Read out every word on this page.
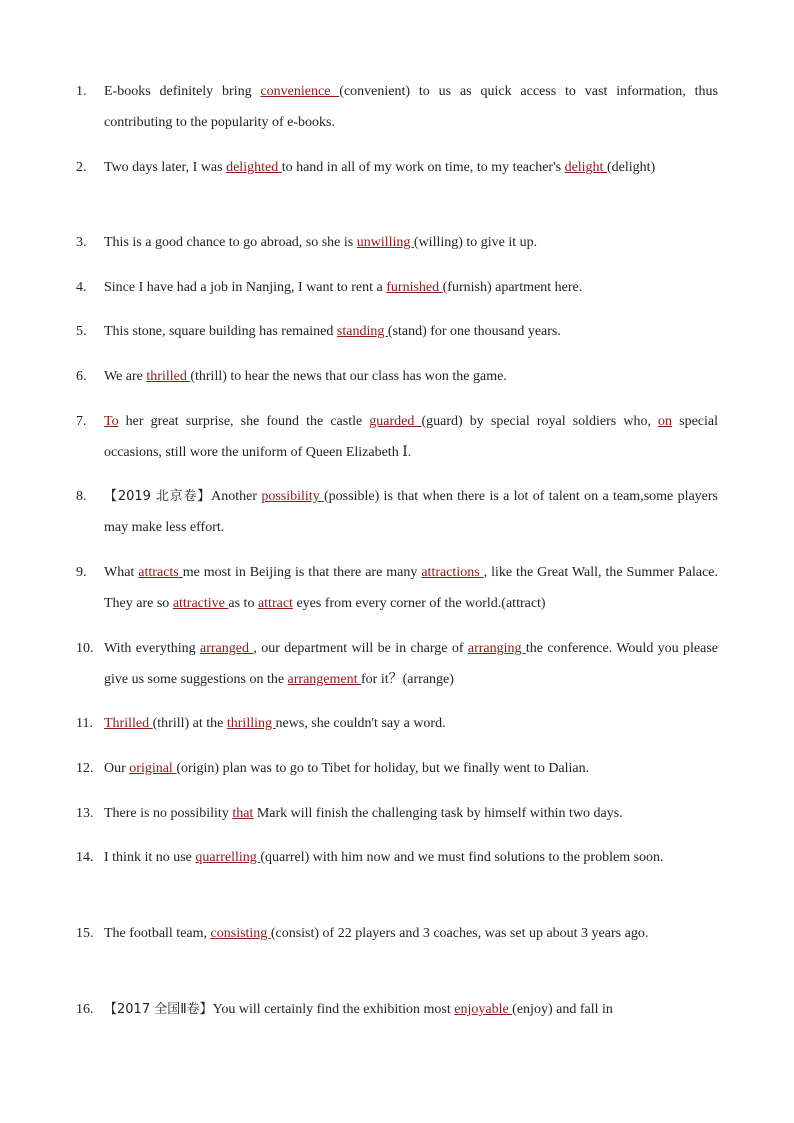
1. E-books definitely bring convenience (convenient) to us as quick access to vast information, thus contributing to the popularity of e-books.
2. Two days later, I was delighted to hand in all of my work on time, to my teacher's delight (delight)
3. This is a good chance to go abroad, so she is unwilling (willing) to give it up.
4. Since I have had a job in Nanjing, I want to rent a furnished (furnish) apartment here.
5. This stone, square building has remained standing (stand) for one thousand years.
6. We are thrilled (thrill) to hear the news that our class has won the game.
7. To her great surprise, she found the castle guarded (guard) by special royal soldiers who, on special occasions, still wore the uniform of Queen Elizabeth Ⅰ.
8. 【2019 北京卷】Another possibility (possible) is that when there is a lot of talent on a team,some players may make less effort.
9. What attracts me most in Beijing is that there are many attractions , like the Great Wall, the Summer Palace. They are so attractive as to attract eyes from every corner of the world.(attract)
10. With everything arranged , our department will be in charge of arranging the conference. Would you please give us some suggestions on the arrangement for it？(arrange)
11. Thrilled (thrill) at the thrilling news, she couldn't say a word.
12. Our original (origin) plan was to go to Tibet for holiday, but we finally went to Dalian.
13. There is no possibility that Mark will finish the challenging task by himself within two days.
14. I think it no use quarrelling (quarrel) with him now and we must find solutions to the problem soon.
15. The football team, consisting (consist) of 22 players and 3 coaches, was set up about 3 years ago.
16. 【2017 全国Ⅱ卷】You will certainly find the exhibition most enjoyable (enjoy) and fall in
